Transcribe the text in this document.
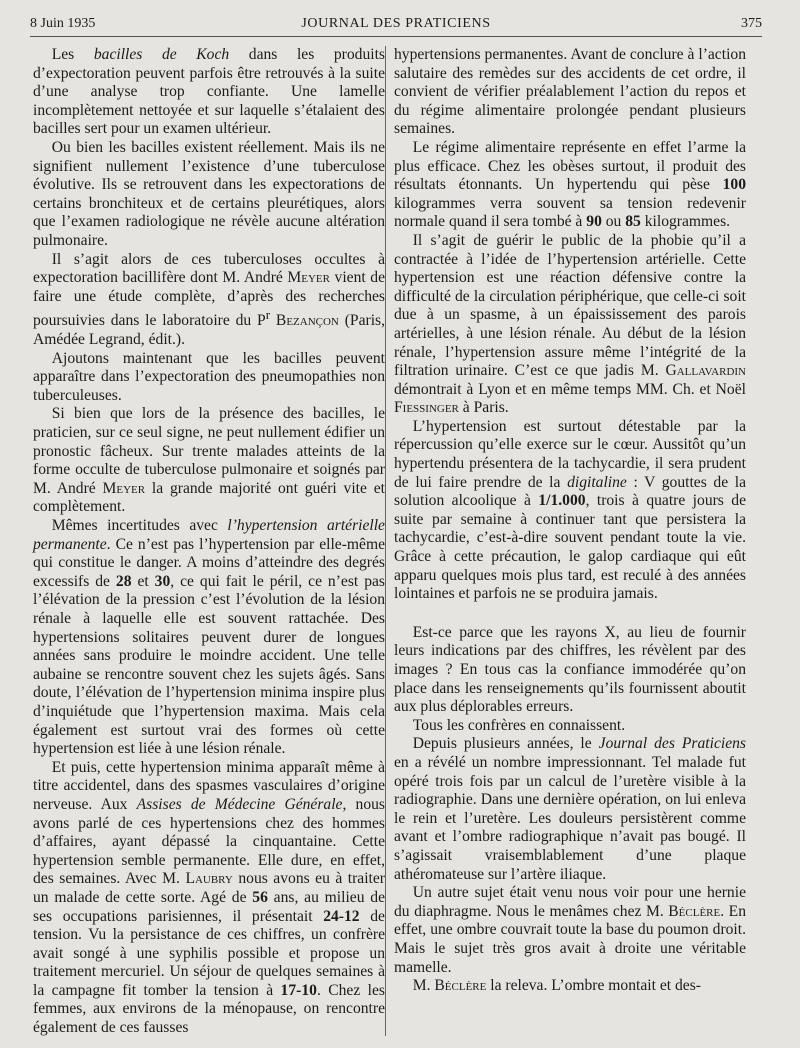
8 Juin 1935	JOURNAL DES PRATICIENS	375

Les bacilles de Koch dans les produits d’expectoration peuvent parfois être retrouvés à la suite d’une analyse trop confiante. Une lamelle incomplètement nettoyée et sur laquelle s’étalaient des bacilles sert pour un examen ultérieur.

Ou bien les bacilles existent réellement. Mais ils ne signifient nullement l’existence d’une tuberculose évolutive. Ils se retrouvent dans les expectorations de certains bronchiteux et de certains pleurétiques, alors que l’examen radiologique ne révèle aucune altération pulmonaire.

Il s’agit alors de ces tuberculoses occultes à expectoration bacillifère dont M. André Meyer vient de faire une étude complète, d’après des recherches poursuivies dans le laboratoire du $P^r$ Bezançon (Paris, Amédée Legrand, édit.).

Ajoutons maintenant que les bacilles peuvent apparaître dans l’expectoration des pneumopathies non tuberculeuses.

Si bien que lors de la présence des bacilles, le praticien, sur ce seul signe, ne peut nullement édifier un pronostic fâcheux. Sur trente malades atteints de la forme occulte de tuberculose pulmonaire et soignés par M. André Meyer la grande majorité ont guéri vite et complètement.

Mêmes incertitudes avec l’hypertension artérielle permanente. Ce n’est pas l’hypertension par elle-même qui constitue le danger. A moins d’atteindre des degrés excessifs de 28 et 30, ce qui fait le péril, ce n’est pas l’élévation de la pression c’est l’évolution de la lésion rénale à laquelle elle est souvent rattachée. Des hypertensions solitaires peuvent durer de longues années sans produire le moindre accident. Une telle aubaine se rencontre souvent chez les sujets âgés. Sans doute, l’élévation de l’hypertension minima inspire plus d’inquiétude que l’hypertension maxima. Mais cela également est surtout vrai des formes où cette hypertension est liée à une lésion rénale.

Et puis, cette hypertension minima apparaît même à titre accidentel, dans des spasmes vasculaires d’origine nerveuse. Aux Assises de Médecine Générale, nous avons parlé de ces hypertensions chez des hommes d’affaires, ayant dépassé la cinquantaine. Cette hypertension semble permanente. Elle dure, en effet, des semaines. Avec M. Laubry nous avons eu à traiter un malade de cette sorte. Agé de 56 ans, au milieu de ses occupations parisiennes, il présentait 24-12 de tension. Vu la persistance de ces chiffres, un confrère avait songé à une syphilis possible et propose un traitement mercuriel. Un séjour de quelques semaines à la campagne fit tomber la tension à 17-10. Chez les femmes, aux environs de la ménopause, on rencontre également de ces fausses

hypertensions permanentes. Avant de conclure à l’action salutaire des remèdes sur des accidents de cet ordre, il convient de vérifier préalablement l’action du repos et du régime alimentaire prolongée pendant plusieurs semaines.

Le régime alimentaire représente en effet l’arme la plus efficace. Chez les obèses surtout, il produit des résultats étonnants. Un hypertendu qui pèse 100 kilogrammes verra souvent sa tension redevenir normale quand il sera tombé à 90 ou 85 kilogrammes.

Il s’agit de guérir le public de la phobie qu’il a contractée à l’idée de l’hypertension artérielle. Cette hypertension est une réaction défensive contre la difficulté de la circulation périphérique, que celle-ci soit due à un spasme, à un épaississement des parois artérielles, à une lésion rénale. Au début de la lésion rénale, l’hypertension assure même l’intégrité de la filtration urinaire. C’est ce que jadis M. Gallavardin démontrait à Lyon et en même temps MM. Ch. et Noël Fiessinger à Paris.

L’hypertension est surtout détestable par la répercussion qu’elle exerce sur le cœur. Aussitôt qu’un hypertendu présentera de la tachycardie, il sera prudent de lui faire prendre de la digitaline : V gouttes de la solution alcoolique à 1/1.000, trois à quatre jours de suite par semaine à continuer tant que persistera la tachycardie, c’est-à-dire souvent pendant toute la vie. Grâce à cette précaution, le galop cardiaque qui eût apparu quelques mois plus tard, est reculé à des années lointaines et parfois ne se produira jamais.

Est-ce parce que les rayons X, au lieu de fournir leurs indications par des chiffres, les révèlent par des images ? En tous cas la confiance immodérée qu’on place dans les renseignements qu’ils fournissent aboutit aux plus déplorables erreurs.

Tous les confrères en connaissent.

Depuis plusieurs années, le Journal des Praticiens en a révélé un nombre impressionnant. Tel malade fut opéré trois fois par un calcul de l’uretère visible à la radiographie. Dans une dernière opération, on lui enleva le rein et l’uretère. Les douleurs persistèrent comme avant et l’ombre radiographique n’avait pas bougé. Il s’agissait vraisemblablement d’une plaque athéromateuse sur l’artère iliaque.

Un autre sujet était venu nous voir pour une hernie du diaphragme. Nous le menâmes chez M. Béclère. En effet, une ombre couvrait toute la base du poumon droit. Mais le sujet très gros avait à droite une véritable mamelle.

M. Béclère la releva. L’ombre montait et des-
